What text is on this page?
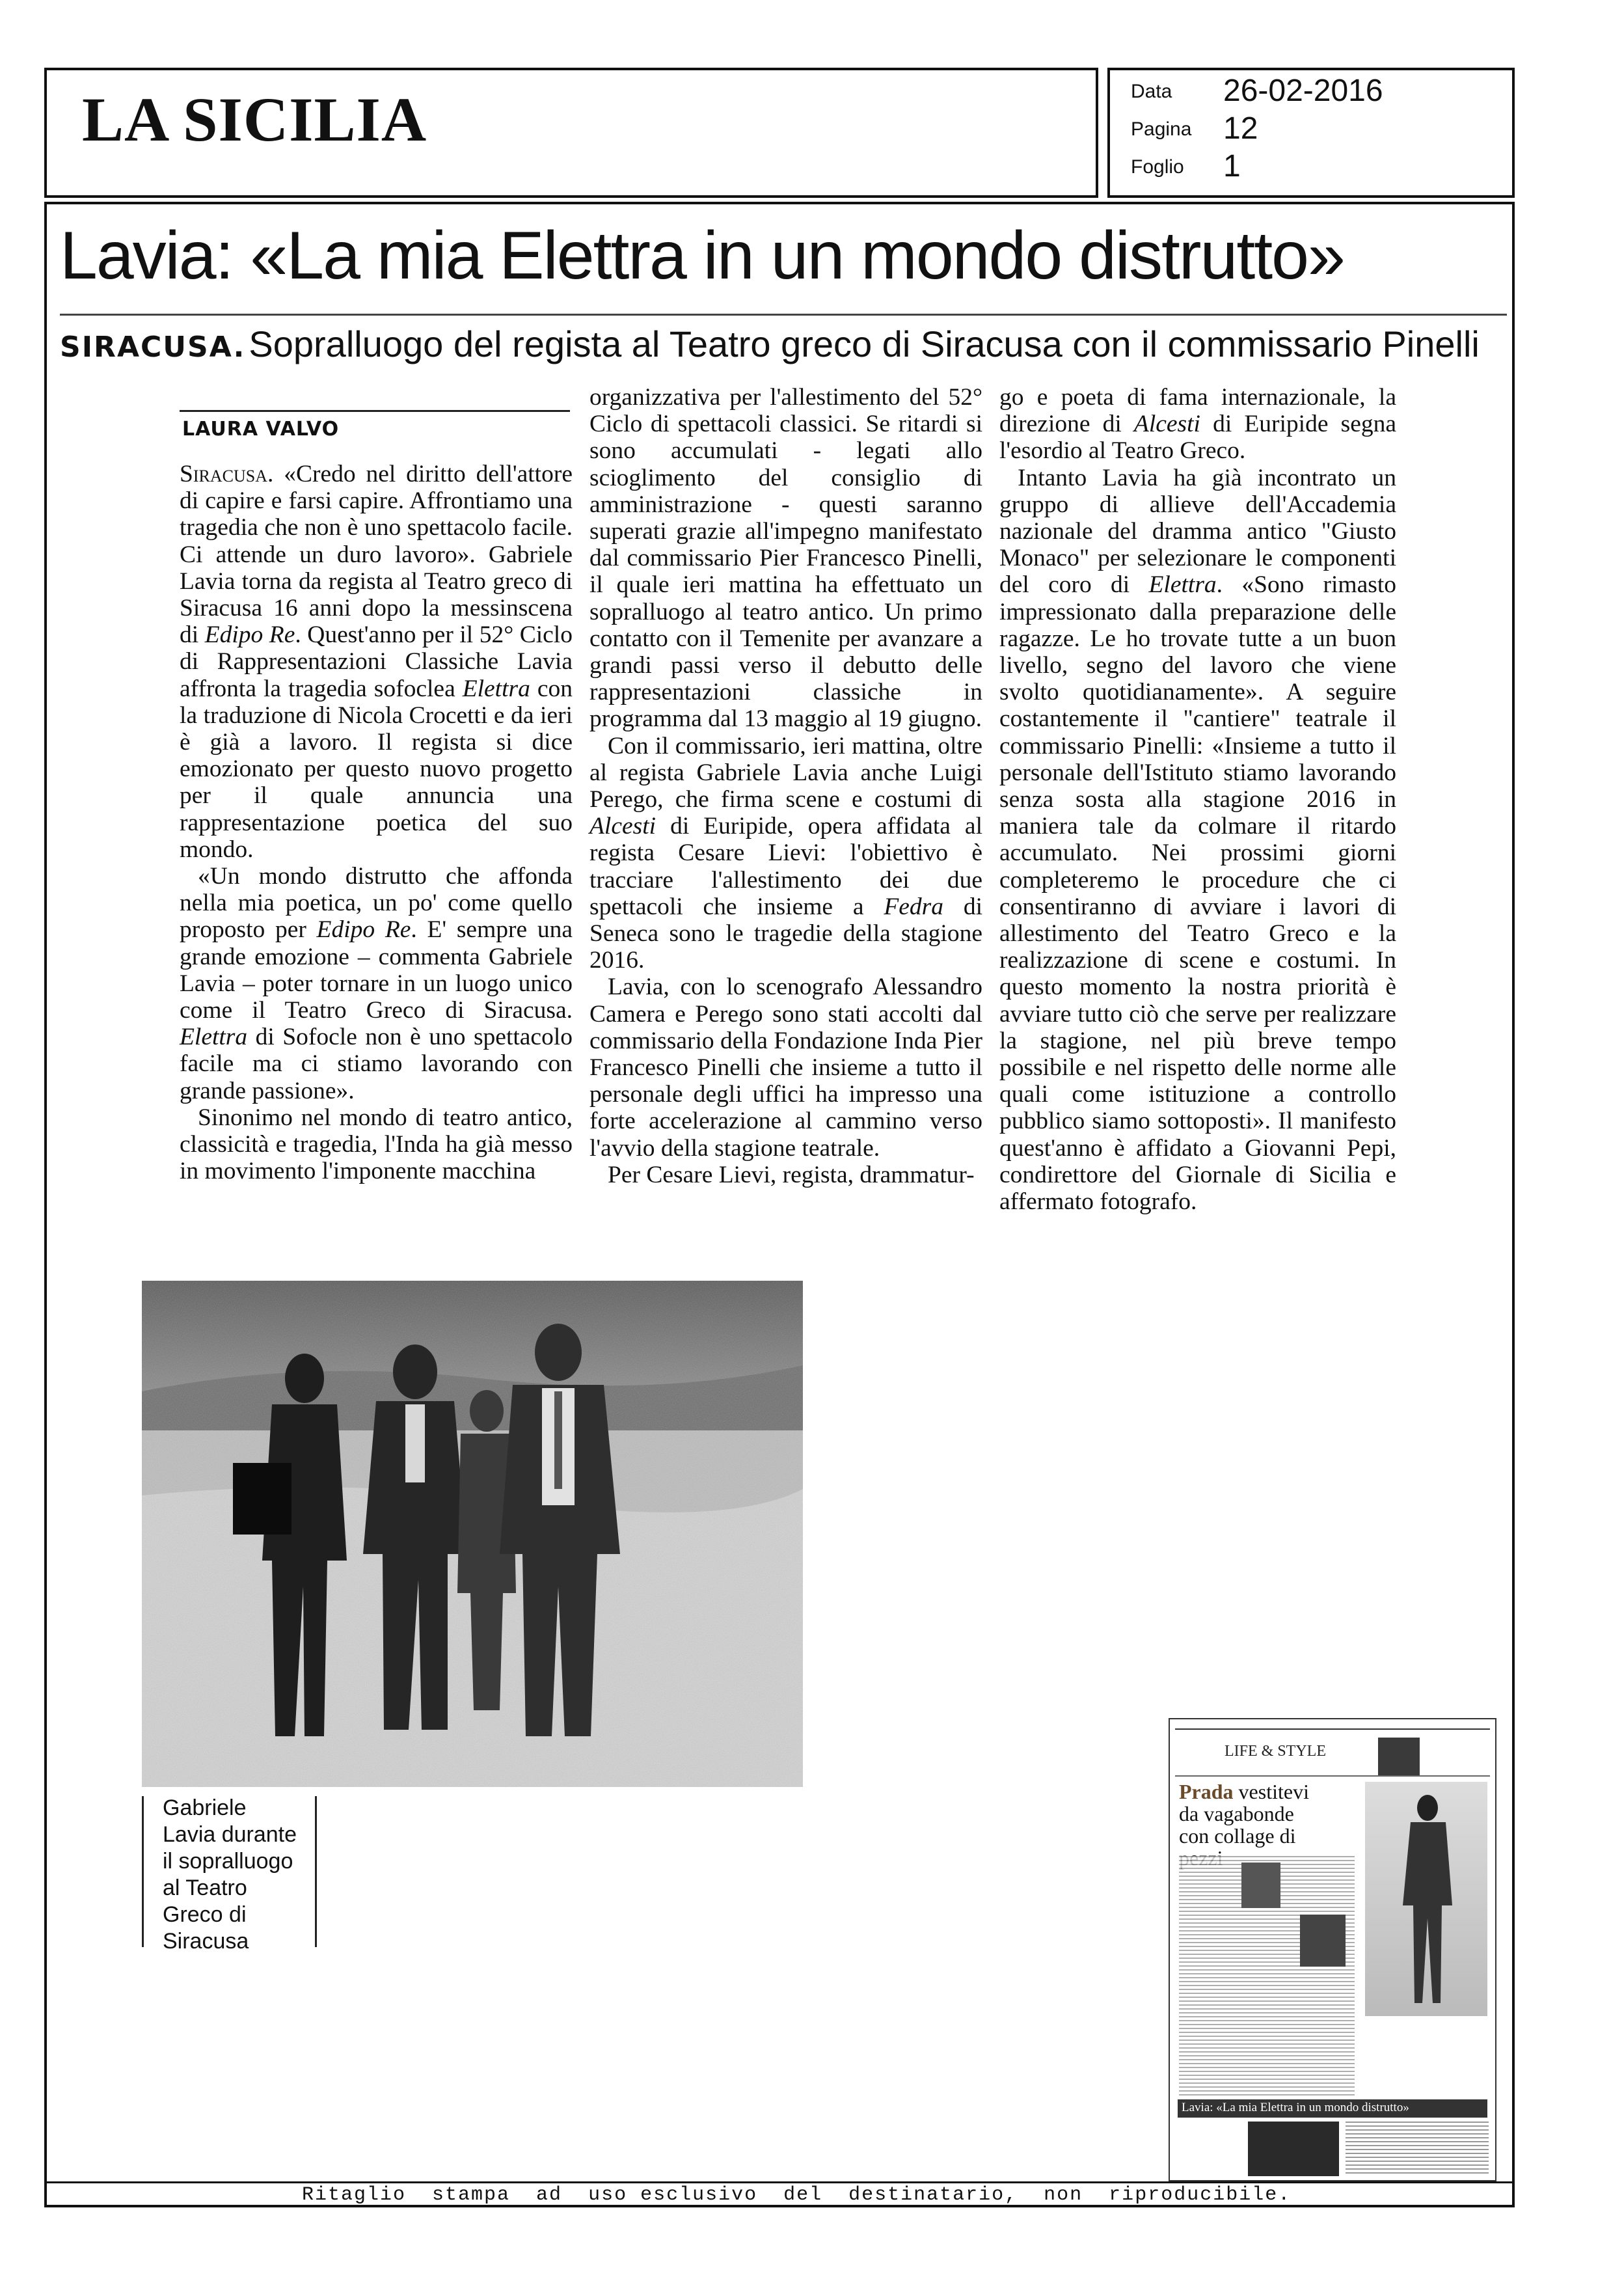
LA SICILIA	Data 26-02-2016
Pagina 12
Foglio 1
Lavia: «La mia Elettra in un mondo distrutto»
SIRACUSA. Sopralluogo del regista al Teatro greco di Siracusa con il commissario Pinelli
LAURA VALVO

Siracusa. «Credo nel diritto dell'attore di capire e farsi capire. Affrontiamo una tragedia che non è uno spettacolo facile. Ci attende un duro lavoro». Gabriele Lavia torna da regista al Teatro greco di Siracusa 16 anni dopo la messinscena di Edipo Re. Quest'anno per il 52° Ciclo di Rappresentazioni Classiche Lavia affronta la tragedia sofoclea Elettra con la traduzione di Nicola Crocetti e da ieri è già a lavoro. Il regista si dice emozionato per questo nuovo progetto per il quale annuncia una rappresentazione poetica del suo mondo.

«Un mondo distrutto che affonda nella mia poetica, un po' come quello proposto per Edipo Re. E' sempre una grande emozione – commenta Gabriele Lavia – poter tornare in un luogo unico come il Teatro Greco di Siracusa. Elettra di Sofocle non è uno spettacolo facile ma ci stiamo lavorando con grande passione».

Sinonimo nel mondo di teatro antico, classicità e tragedia, l'Inda ha già messo in movimento l'imponente macchina

organizzativa per l'allestimento del 52° Ciclo di spettacoli classici. Se ritardi si sono accumulati - legati allo scioglimento del consiglio di amministrazione - questi saranno superati grazie all'impegno manifestato dal commissario Pier Francesco Pinelli, il quale ieri mattina ha effettuato un sopralluogo al teatro antico. Un primo contatto con il Temenite per avanzare a grandi passi verso il debutto delle rappresentazioni classiche in programma dal 13 maggio al 19 giugno.

Con il commissario, ieri mattina, oltre al regista Gabriele Lavia anche Luigi Perego, che firma scene e costumi di Alcesti di Euripide, opera affidata al regista Cesare Lievi: l'obiettivo è tracciare l'allestimento dei due spettacoli che insieme a Fedra di Seneca sono le tragedie della stagione 2016.

Lavia, con lo scenografo Alessandro Camera e Perego sono stati accolti dal commissario della Fondazione Inda Pier Francesco Pinelli che insieme a tutto il personale degli uffici ha impresso una forte accelerazione al cammino verso l'avvio della stagione teatrale.

Per Cesare Lievi, regista, drammatur-

go e poeta di fama internazionale, la direzione di Alcesti di Euripide segna l'esordio al Teatro Greco.

Intanto Lavia ha già incontrato un gruppo di allieve dell'Accademia nazionale del dramma antico "Giusto Monaco" per selezionare le componenti del coro di Elettra. «Sono rimasto impressionato dalla preparazione delle ragazze. Le ho trovate tutte a un buon livello, segno del lavoro che viene svolto quotidianamente». A seguire costantemente il "cantiere" teatrale il commissario Pinelli: «Insieme a tutto il personale dell'Istituto stiamo lavorando senza sosta alla stagione 2016 in maniera tale da colmare il ritardo accumulato. Nei prossimi giorni completeremo le procedure che ci consentiranno di avviare i lavori di allestimento del Teatro Greco e la realizzazione di scene e costumi. In questo momento la nostra priorità è avviare tutto ciò che serve per realizzare la stagione, nel più breve tempo possibile e nel rispetto delle norme alle quali come istituzione a controllo pubblico siamo sottoposti». Il manifesto quest'anno è affidato a Giovanni Pepi, condirettore del Giornale di Sicilia e affermato fotografo.

Gabriele
Lavia durante
il sopralluogo
al Teatro
Greco di
Siracusa
LIFE & STYLE
Prada vestitevi
da vagabonde
con collage di
Lavia: «La mia Elettra in un mondo distrutto»
Ritaglio  stampa  ad  uso esclusivo  del  destinatario,  non  riproducibile.
